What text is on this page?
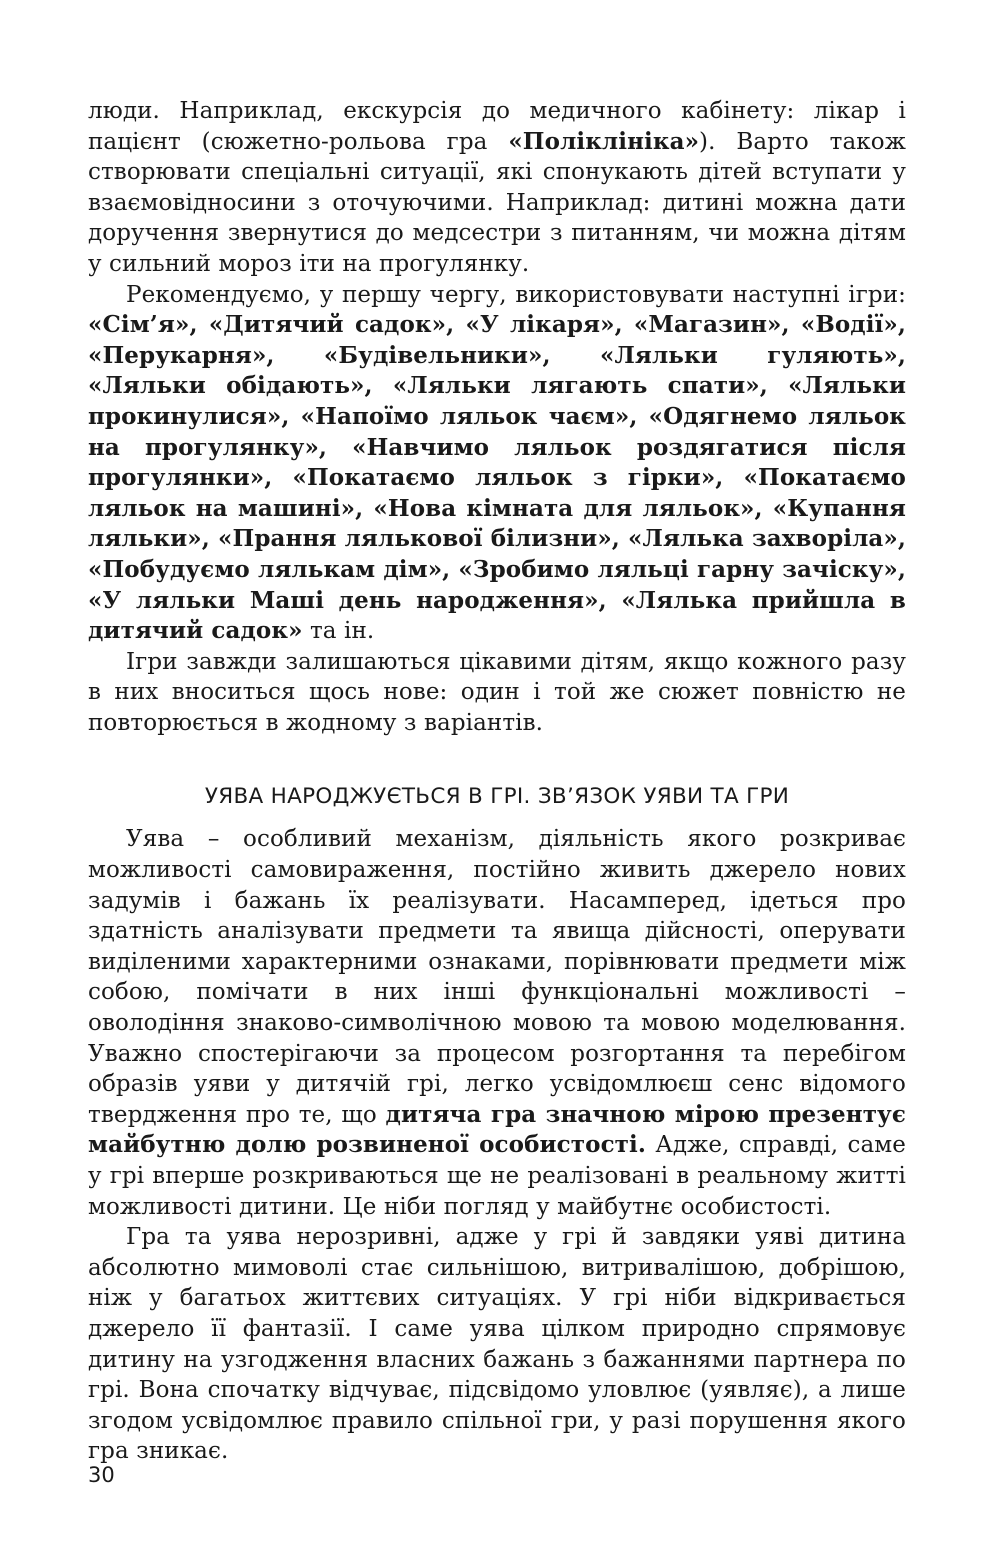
люди. Наприклад, екскурсія до медичного кабінету: лікар і пацієнт (сюжетно-рольова гра «Поліклініка»). Варто також створювати спеціальні ситуації, які спонукають дітей вступати у взаємовідносини з оточуючими. Наприклад: дитині можна дати доручення звернутися до медсестри з питанням, чи можна дітям у сильний мороз іти на прогулянку.

Рекомендуємо, у першу чергу, використовувати наступні ігри: «Сім’я», «Дитячий садок», «У лікаря», «Магазин», «Водії», «Перукарня», «Будівельники», «Ляльки гуляють», «Ляльки обідають», «Ляльки лягають спати», «Ляльки прокинулися», «Напоїмо ляльок чаєм», «Одягнемо ляльок на прогулянку», «Навчимо ляльок роздягатися після прогулянки», «Покатаємо ляльок з гірки», «Покатаємо ляльок на машині», «Нова кімната для ляльок», «Купання ляльки», «Прання лялькової білизни», «Лялька захворіла», «Побудуємо лялькам дім», «Зробимо ляльці гарну зачіску», «У ляльки Маші день народження», «Лялька прийшла в дитячий садок» та ін.

Ігри завжди залишаються цікавими дітям, якщо кожного разу в них вноситься щось нове: один і той же сюжет повністю не повторюється в жодному з варіантів.

УЯВА НАРОДЖУЄТЬСЯ В ГРІ. ЗВ’ЯЗОК УЯВИ ТА ГРИ

Уява – особливий механізм, діяльність якого розкриває можливості самовираження, постійно живить джерело нових задумів і бажань їх реалізувати. Насамперед, ідеться про здатність аналізувати предмети та явища дійсності, оперувати виділеними характерними ознаками, порівнювати предмети між собою, помічати в них інші функціональні можливості – оволодіння знаково-символічною мовою та мовою моделювання. Уважно спостерігаючи за процесом розгортання та перебігом образів уяви у дитячій грі, легко усвідомлюєш сенс відомого твердження про те, що дитяча гра значною мірою презентує майбутню долю розвиненої особистості. Адже, справді, саме у грі вперше розкриваються ще не реалізовані в реальному житті можливості дитини. Це ніби погляд у майбутнє особистості.

Гра та уява нерозривні, адже у грі й завдяки уяві дитина абсолютно мимоволі стає сильнішою, витривалішою, добрішою, ніж у багатьох життєвих ситуаціях. У грі ніби відкривається джерело її фантазії. І саме уява цілком природно спрямовує дитину на узгодження власних бажань з бажаннями партнера по грі. Вона спочатку відчуває, підсвідомо уловлює (уявляє), а лише згодом усвідомлює правило спільної гри, у разі порушення якого гра зникає.

30
